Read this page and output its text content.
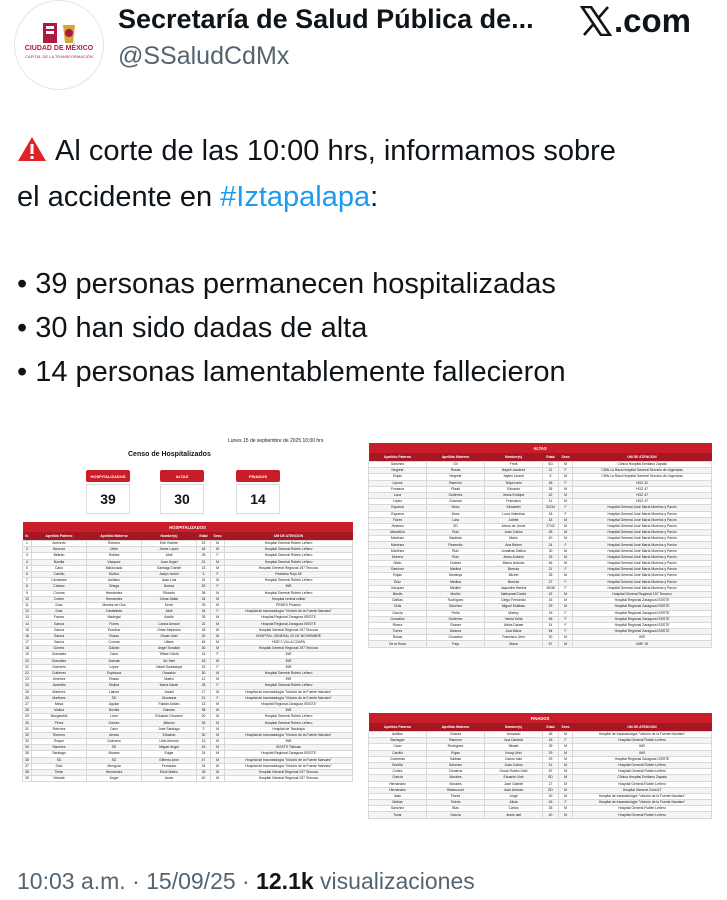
CIUDAD DE MÉXICO
CAPITAL DE LA TRANSFORMACIÓN
Secretaría de Salud Pública de...
@SSaludCdMx
.com

Al corte de las 10:00 hrs, informamos sobre

el accidente en #Iztapalapa:

• 39 personas permanecen hospitalizadas
• 30 han sido dadas de alta
• 14 personas lamentablemente fallecieron
Lunes 15 de septiembre de 2025 10:00 hrs
Censo de Hospitalizados
HOSPITALIZADOS
39
ALTAS
30
FINADOS
14
HOSPITALIZADOS						
N.	Apellido Paterno	Apellido Materno	Nombre(s)	Edad	Sexo	UM DE ATENCION
1	Acevedo	Romero	Erik Vicente	22	M	Hospital General Rubén Leñero
2	Becerra	Uribe	Jaime López	48	M	Hospital General Rubén Leñero
3	Beltrán	Robles	Abril	28	F	Hospital General Rubén Leñero
4	Bonilla	Vázquez	Juan Ángel	21	M	Hospital General Rubén Leñero
5	Cano	Maldonado	Santiago Daniel	15	M	Hospital General Regional 197 Texcoco
6	Carrillo	Muñoz	Jaclyn Ixchel	3	F	Pediatría Rojo 4E
7	Cervantes	Arellano	Juan Luis	31	M	Hospital General Rubén Leñero
8	Chávez	Ortega	Norma	53	F	INR
9	Corona	Hernández	Ricardo	38	M	Hospital General Rubén Leñero
10	Cortez	Hernández	César Aldair	24	M	Hospital central militar
11	Díaz	Montes de Oca	Kevin	39	M	PEMEX Picacho
12	Díaz	Castañeda	Abril	34	F	Hospital de traumatología "Victorio de la Fuente Narváez"
13	Franco	Madrigal	Adolfo	35	M	Hospital Regional Zaragoza ISSSTE
14	García	Flores	Carlos Amauri	22	M	Hospital Regional Zaragoza ISSSTE
15	García	Escobar	Omar Alejandro	28	M	Hospital General Regional 197 Texcoco
16	García	Rosas	Óscar Uriel	32	M	HOSPITAL GENERAL 20 DE NOVIEMBRE
17	García	Corona	Ulises	45	M	HGR 2 VILLA COAPA
18	Gómez	Galván	Angel Tonatiuh	30	M	Hospital General Regional 197 Texcoco
19	González	Cano	Tiffani Odeth	16	F	INR
20	González	Aranda	Ari Yael	18	M	INR
21	Guerrero	López	Yatzel Guadalupe	22	F	INR
22	Gutiérrez	Espinoza	Oswaldo	30	M	Hospital General Rubén Leñero
23	Jiménez	Rosas	Mateo	12	M	INR
24	Jaramillo	Molina	María Sarah	28	F	Hospital General Rubén Leñero
25	Martínez	Llanos	Jovani	17	M	Hospital de traumatología "Victorio de la Fuente Narváez"
26	Martínez	SD	Giovanna	21	F	Hospital de traumatología "Victorio de la Fuente Narváez"
27	Mesa	Aguilar	Fabián Adrián	13	M	Hospital Regional Zaragoza ISSSTE
28	Molina	Bonilla	Damián	38	M	INR
29	Morgandini	León	Eduardo Giovanni	20	M	Hospital General Rubén Leñero
30	Pérez	Gómez	Alfonso	53	M	Hospital General Rubén Leñero
31	Ramírez	Cano	José Santiago	2	M	Hospital de Tacubaya
32	Romero	Armas	Eduardo	30	M	Hospital de traumatología "Victorio de la Fuente Narváez"
33	Roque	Guerrero	Uriel Antonio	13	M	INR
34	Sánchez	SD	Miguel Ángel	43	M	ISSSTE Tláhuac
35	Santiago	Álvarez	Edgar	24	M	Hospital Regional Zaragoza ISSSTE
36	SD	SD	Gilberto Aron	47	M	Hospital de traumatología "Victorio de la Fuente Narváez"
37	Soto	Munguía	Fernando	24	M	Hospital de traumatología "Victorio de la Fuente Narváez"
38	Terán	Hernández	Erick Mateo	28	M	Hospital General Regional 197 Texcoco
39	Velarde	Ángel	Javier	40	M	Hospital General Regional 197 Texcoco
ALTAS					
Apellido Paterno	Apellido Materno	Nombre(s)	Edad	Sexo	UM DE ATENCION
Sánchez	Gil	Fredi	SD	M	Clínica Hospital Emiliano Zapata
Negrete	Rosas	Nayeli Jacobed	21	F	CMN La Raza Hospital General Servicio de Urgencias
Rojas	Negrete	Jaylen Leonel	5	M	CMN La Raza Hospital General Servicio de Urgencias
Llanos	Ramírez	Telpa Ixehl	48	F	HGZ 32
Fonseca	Plaati	Eduardo	35	M	HGZ 47
Lona	Gutiérrez	Jesús Enrique	42	M	HGZ 47
López	Guzmán	Francisco	41	M	HGZ 47
Esparza	Mora	Elizabeth	54/34	F	Hospital General José María Morelos y Pavón
Esparza	Mora	Luna Valentina	18	F	Hospital General José María Morelos y Pavón
Flores	Lara	Jolette	18	M	Hospital General José María Morelos y Pavón
Jiménez	SD	Arturo de Jesús	27/42	M	Hospital General José María Morelos y Pavón
Marcelino	Ruiz	Juan Carlos	28	M	Hospital General José María Morelos y Pavón
Martínez	Bautista	Mario	40	M	Hospital General José María Morelos y Pavón
Martínez	Resendiz	Ana Belem	24	F	Hospital General José María Morelos y Pavón
Martínez	Ruiz	Jonathan Dalton	30	M	Hospital General José María Morelos y Pavón
Moreno	Ruiz	Jesús Antonio	15	M	Hospital General José María Morelos y Pavón
Nieto	Chávez	Marco Antonio	46	M	Hospital General José María Morelos y Pavón
Ramírez	Medina	Brenda	21	F	Hospital General José María Morelos y Pavón
Rojas	Montoya	Michel	28	M	Hospital General José María Morelos y Pavón
Ruiz	Medina	Brenda	27	F	Hospital General José María Morelos y Pavón
Vázquez	Medlen	Jaqueline Bertha	35/36	F	Hospital General José María Morelos y Pavón
Bredis	Murillo	Nathanael David	42	M	Hospital General Regional 197 Texcoco
Dañlas	Rodríguez	Diego Fernando	15	M	Hospital Regional Zaragoza ISSSTE
Celis	Sánchez	Miguel Esteban	29	M	Hospital Regional Zaragoza ISSSTE
García	Peña	Marley	15	F	Hospital Regional Zaragoza ISSSTE
González	Gutiérrez	Yanira Kelia	48	F	Hospital Regional Zaragoza ISSSTE
Rivera	Chávez	Africa Dahae	14	F	Hospital Regional Zaragoza ISSSTE
Torres	Álvarez	Ana María	54	F	Hospital Regional Zaragoza ISSSTE
Rosas	Gonzalez	Francisco Uriel	30	M	INR
De la Rosa	Trejo	Mario	57	M	UMF 15
FINADOS					
Apellido Paterno	Apellido Materno	Nombre(s)	Edad	Sexo	UM DE ATENCION
Antillón	Chávez	Armando	45	M	Hospital de traumatología "Victorio de la Fuente Narváez"
Barragan	Ramírez	Ana Daniela	18	F	Hospital General Rubén Leñero
Cano	Rodríguez	Misael	39	M	INR
Carrillo	Rojas	Irving Uriel	29	M	INR
Contreras	Salinas	Carlos Iván	29	M	Hospital Regional Zaragoza ISSSTE
Bonilla	Sánchez	Juan Carlos	41	M	Hospital General Rubén Leñero
Cortez	Cisneros	Oscar Rubén Uriel	57	M	Hospital General Rubén Leñero
García	Morales	Eduardo Noé	SD	M	Clínica Hospital Emiliano Zapata
Hernández	Morales	José Gabriel	17	M	Hospital General Rubén Leñero
Hernández	Betancourt	Juan Antonio	SD	M	Hospital General Zona 57
Islas	Flores	Jorge	30	M	Hospital de traumatología "Victorio de la Fuente Narváez"
Matías	Toledo	Alicia	49	F	Hospital de traumatología "Victorio de la Fuente Narváez"
Sánchez	Blas	Carlos	35	M	Hospital General Rubén Leñero
Tovar	García	Jesús Iael	40	M	Hospital General Rubén Leñero
10:03 a.m. · 15/09/25 · 12.1k visualizaciones
